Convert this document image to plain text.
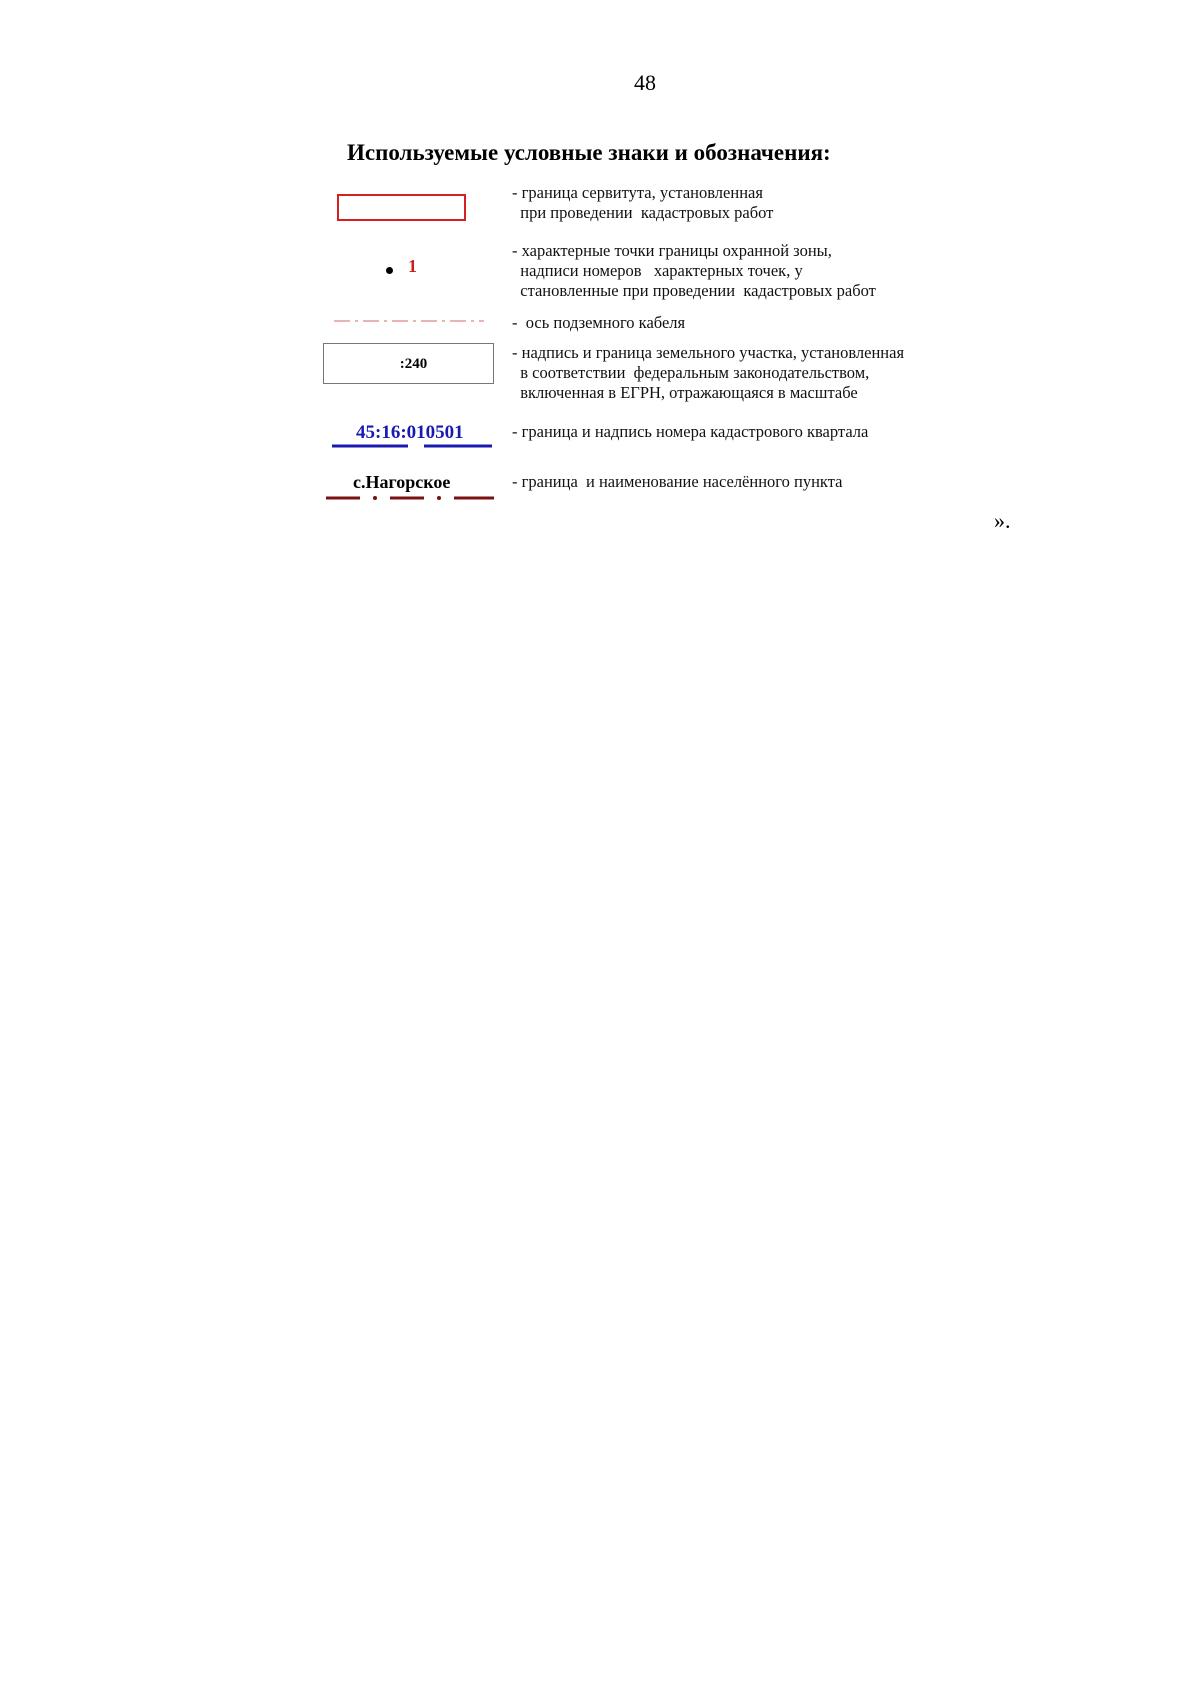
48
Используемые условные знаки и обозначения:
- граница сервитута, установленная
при проведении  кадастровых работ
1
- характерные точки границы охранной зоны,
надписи номеров   характерных точек, у
становленные при проведении  кадастровых работ
-  ось подземного кабеля
:240
- надпись и граница земельного участка, установленная
в соответствии  федеральным законодательством,
включенная в ЕГРН, отражающаяся в масштабе
45:16:010501	- граница и надпись номера кадастрового квартала
с.Нагорское	- граница  и наименование населённого пункта
».
